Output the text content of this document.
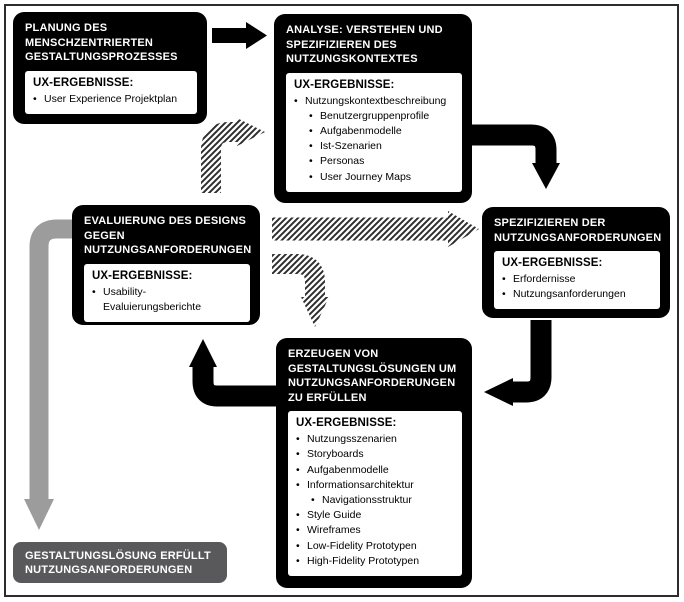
PLANUNG DES MENSCHZENTRIERTEN GESTALTUNGSPROZESSES
UX-ERGEBNISSE:
• User Experience Projektplan
ANALYSE: VERSTEHEN UND SPEZIFIZIEREN DES NUTZUNGSKONTEXTES
UX-ERGEBNISSE:
• Nutzungskontextbeschreibung
• Benutzergruppenprofile
• Aufgabenmodelle
• Ist-Szenarien
• Personas
• User Journey Maps
SPEZIFIZIEREN DER NUTZUNGSANFORDERUNGEN
UX-ERGEBNISSE:
• Erfordernisse
• Nutzungsanforderungen
EVALUIERUNG DES DESIGNS GEGEN NUTZUNGSANFORDERUNGEN
UX-ERGEBNISSE:
• Usability-Evaluierungsberichte
ERZEUGEN VON GESTALTUNGSLÖSUNGEN UM NUTZUNGSANFORDERUNGEN ZU ERFÜLLEN
UX-ERGEBNISSE:
• Nutzungsszenarien
• Storyboards
• Aufgabenmodelle
• Informationsarchitektur
• Navigationsstruktur
• Style Guide
• Wireframes
• Low-Fidelity Prototypen
• High-Fidelity Prototypen
GESTALTUNGSLÖSUNG ERFÜLLT NUTZUNGSANFORDERUNGEN
